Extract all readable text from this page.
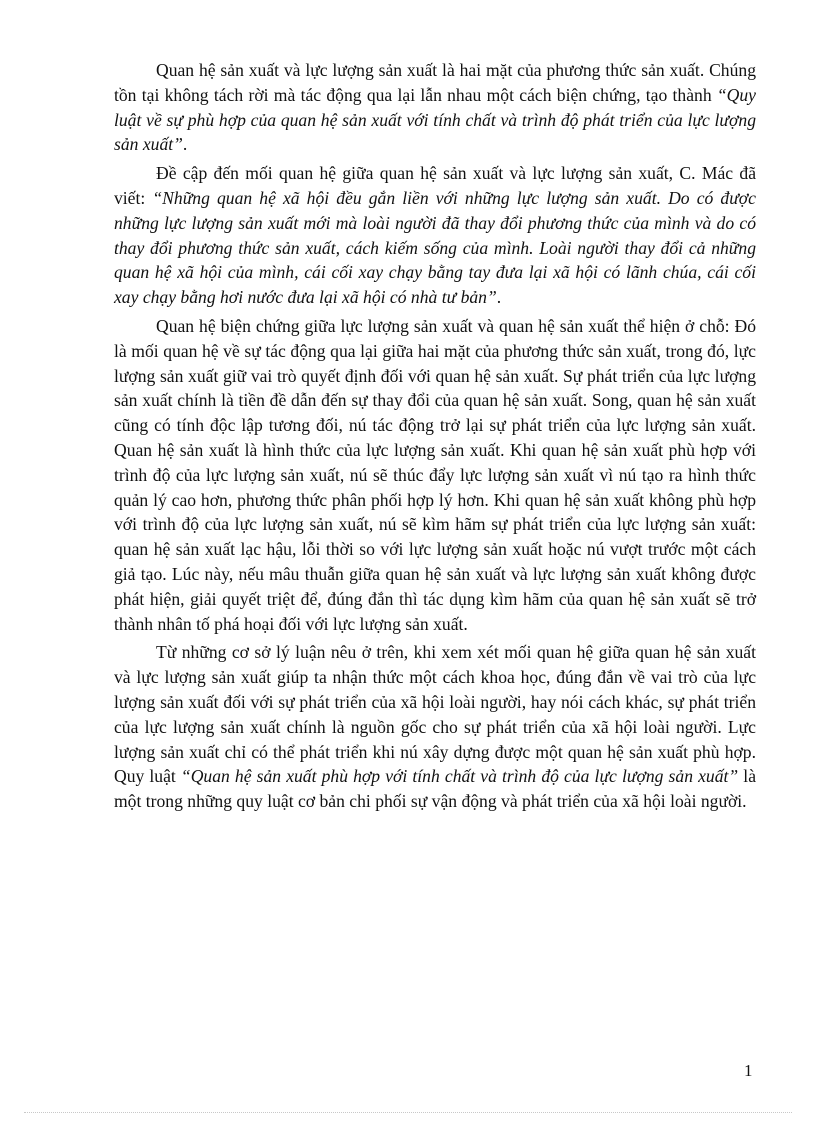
Quan hệ sản xuất và lực lượng sản xuất là hai mặt của phương thức sản xuất. Chúng tồn tại không tách rời mà tác động qua lại lẫn nhau một cách biện chứng, tạo thành “Quy luật về sự phù hợp của quan hệ sản xuất với tính chất và trình độ phát triển của lực lượng sản xuất”.

Đề cập đến mối quan hệ giữa quan hệ sản xuất và lực lượng sản xuất, C. Mác đã viết: “Những quan hệ xã hội đều gắn liền với những lực lượng sản xuất. Do có được những lực lượng sản xuất mới mà loài người đã thay đổi phương thức của mình và do có thay đổi phương thức sản xuất, cách kiếm sống của mình. Loài người thay đổi cả những quan hệ xã hội của mình, cái cối xay chạy bằng tay đưa lại xã hội có lãnh chúa, cái cối xay chạy bằng hơi nước đưa lại xã hội có nhà tư bản”.

Quan hệ biện chứng giữa lực lượng sản xuất và quan hệ sản xuất thể hiện ở chỗ: Đó là mối quan hệ về sự tác động qua lại giữa hai mặt của phương thức sản xuất, trong đó, lực lượng sản xuất giữ vai trò quyết định đối với quan hệ sản xuất. Sự phát triển của lực lượng sản xuất chính là tiền đề dẫn đến sự thay đổi của quan hệ sản xuất. Song, quan hệ sản xuất cũng có tính độc lập tương đối, nú tác động trở lại sự phát triển của lực lượng sản xuất. Quan hệ sản xuất là hình thức của lực lượng sản xuất. Khi quan hệ sản xuất phù hợp với trình độ của lực lượng sản xuất, nú sẽ thúc đẩy lực lượng sản xuất vì nú tạo ra hình thức quản lý cao hơn, phương thức phân phối hợp lý hơn. Khi quan hệ sản xuất không phù hợp với trình độ của lực lượng sản xuất, nú sẽ kìm hãm sự phát triển của lực lượng sản xuất: quan hệ sản xuất lạc hậu, lỗi thời so với lực lượng sản xuất hoặc nú vượt trước một cách giả tạo. Lúc này, nếu mâu thuẫn giữa quan hệ sản xuất và lực lượng sản xuất không được phát hiện, giải quyết triệt để, đúng đắn thì tác dụng kìm hãm của quan hệ sản xuất sẽ trở thành nhân tố phá hoại đối với lực lượng sản xuất.

Từ những cơ sở lý luận nêu ở trên, khi xem xét mối quan hệ giữa quan hệ sản xuất và lực lượng sản xuất giúp ta nhận thức một cách khoa học, đúng đắn về vai trò của lực lượng sản xuất đối với sự phát triển của xã hội loài người, hay nói cách khác, sự phát triển của lực lượng sản xuất chính là nguồn gốc cho sự phát triển của xã hội loài người. Lực lượng sản xuất chỉ có thể phát triển khi nú xây dựng được một quan hệ sản xuất phù hợp. Quy luật “Quan hệ sản xuất phù hợp với tính chất và trình độ của lực lượng sản xuất” là một trong những quy luật cơ bản chi phối sự vận động và phát triển của xã hội loài người.

1
